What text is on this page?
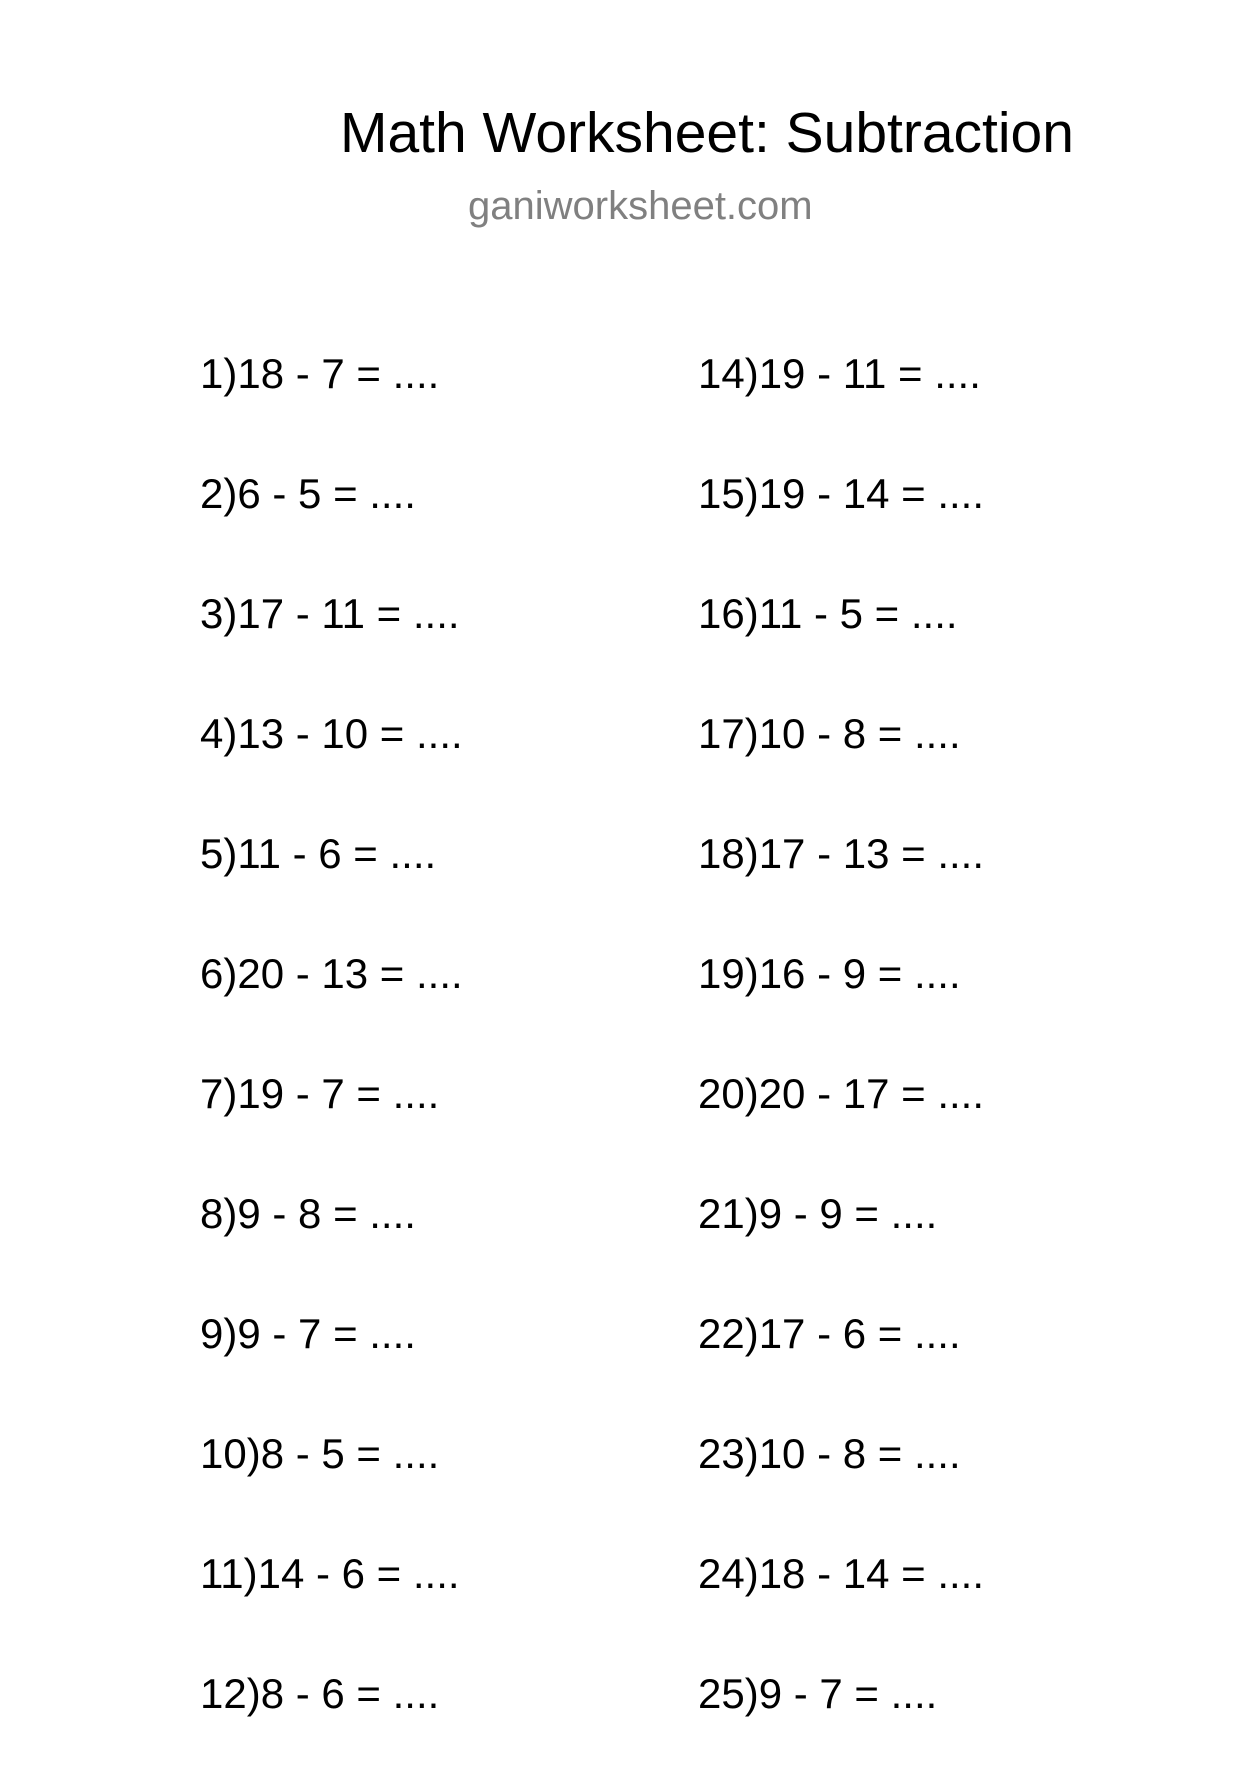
Math Worksheet: Subtraction
ganiworksheet.com
1) 18 - 7 = ....
2) 6 - 5 = ....
3) 17 - 11 = ....
4) 13 - 10 = ....
5) 11 - 6 = ....
6) 20 - 13 = ....
7) 19 - 7 = ....
8) 9 - 8 = ....
9) 9 - 7 = ....
10) 8 - 5 = ....
11) 14 - 6 = ....
12) 8 - 6 = ....
14) 19 - 11 = ....
15) 19 - 14 = ....
16) 11 - 5 = ....
17) 10 - 8 = ....
18) 17 - 13 = ....
19) 16 - 9 = ....
20) 20 - 17 = ....
21) 9 - 9 = ....
22) 17 - 6 = ....
23) 10 - 8 = ....
24) 18 - 14 = ....
25) 9 - 7 = ....
